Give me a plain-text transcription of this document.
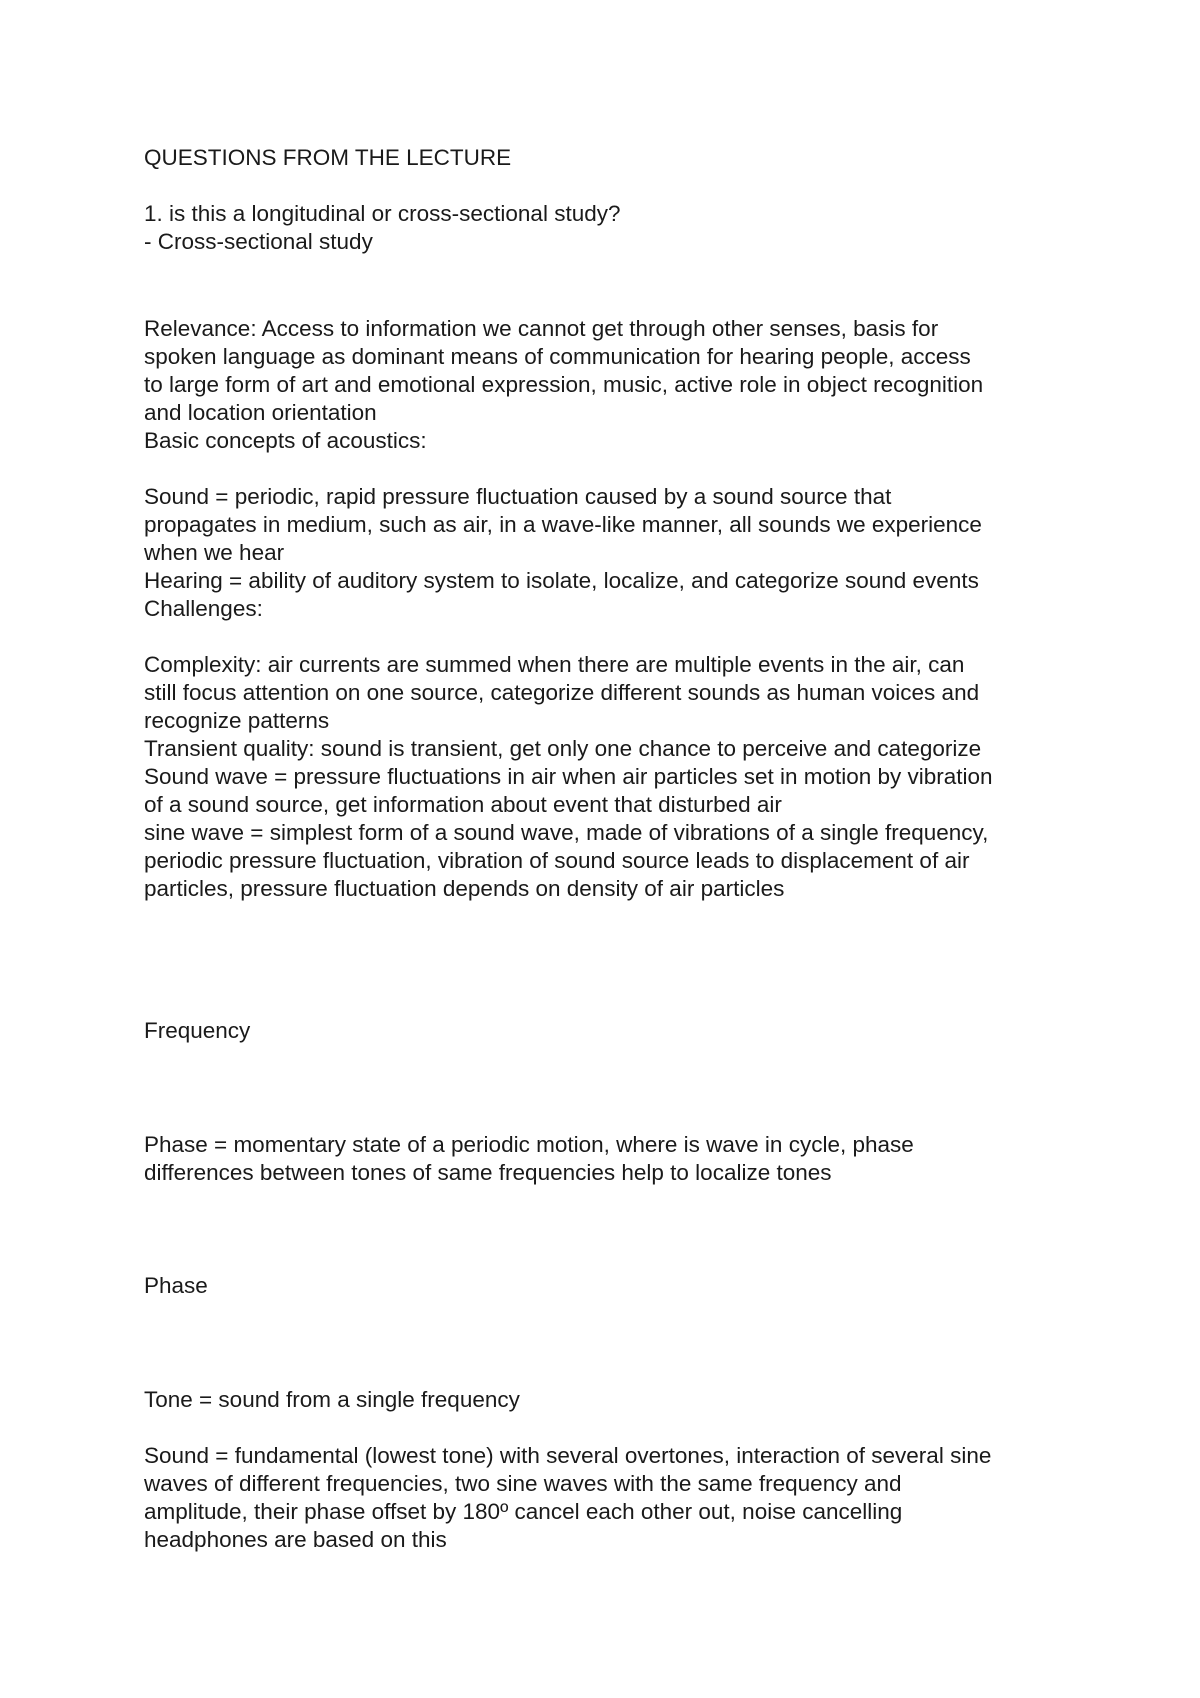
QUESTIONS FROM THE LECTURE
1. is this a longitudinal or cross-sectional study?
- Cross-sectional study
Relevance: Access to information we cannot get through other senses, basis for
spoken language as dominant means of communication for hearing people, access
to large form of art and emotional expression, music, active role in object recognition
and location orientation
Basic concepts of acoustics:
Sound = periodic, rapid pressure fluctuation caused by a sound source that
propagates in medium, such as air, in a wave-like manner, all sounds we experience
when we hear
Hearing = ability of auditory system to isolate, localize, and categorize sound events
Challenges:
Complexity: air currents are summed when there are multiple events in the air, can
still focus attention on one source, categorize different sounds as human voices and
recognize patterns
Transient quality: sound is transient, get only one chance to perceive and categorize
Sound wave = pressure fluctuations in air when air particles set in motion by vibration
of a sound source, get information about event that disturbed air
sine wave = simplest form of a sound wave, made of vibrations of a single frequency,
periodic pressure fluctuation, vibration of sound source leads to displacement of air
particles, pressure fluctuation depends on density of air particles
Frequency
Phase = momentary state of a periodic motion, where is wave in cycle, phase
differences between tones of same frequencies help to localize tones
Phase
Tone = sound from a single frequency
Sound = fundamental (lowest tone) with several overtones, interaction of several sine
waves of different frequencies, two sine waves with the same frequency and
amplitude, their phase offset by 180º cancel each other out, noise cancelling
headphones are based on this
